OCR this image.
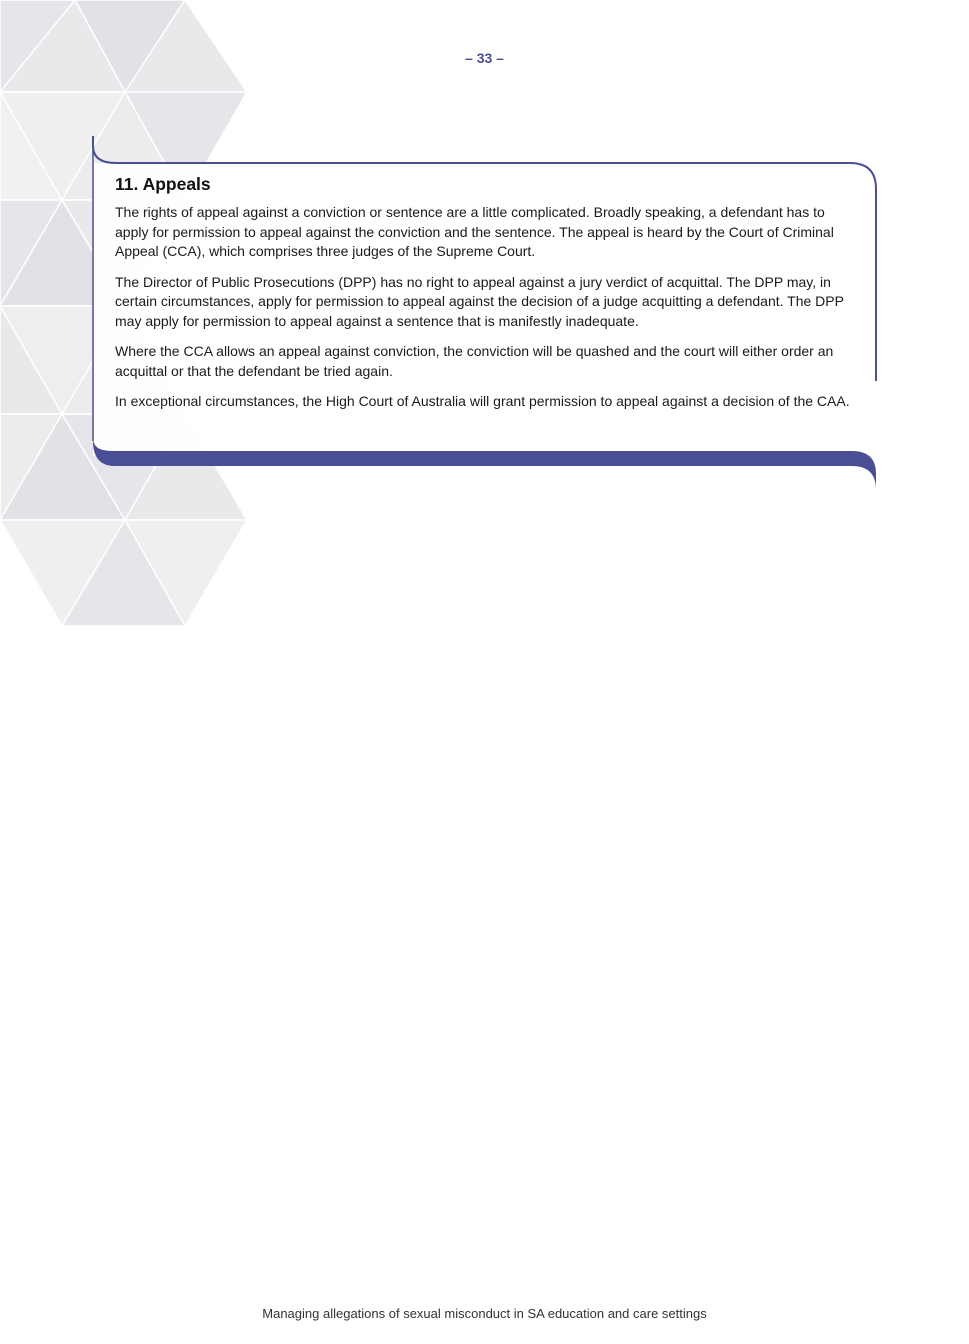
– 33 –
11. Appeals

The rights of appeal against a conviction or sentence are a little complicated. Broadly speaking, a defendant has to apply for permission to appeal against the conviction and the sentence. The appeal is heard by the Court of Criminal Appeal (CCA), which comprises three judges of the Supreme Court.

The Director of Public Prosecutions (DPP) has no right to appeal against a jury verdict of acquittal. The DPP may, in certain circumstances, apply for permission to appeal against the decision of a judge acquitting a defendant. The DPP may apply for permission to appeal against a sentence that is manifestly inadequate.

Where the CCA allows an appeal against conviction, the conviction will be quashed and the court will either order an acquittal or that the defendant be tried again.

In exceptional circumstances, the High Court of Australia will grant permission to appeal against a decision of the CAA.

Managing allegations of sexual misconduct in SA education and care settings
